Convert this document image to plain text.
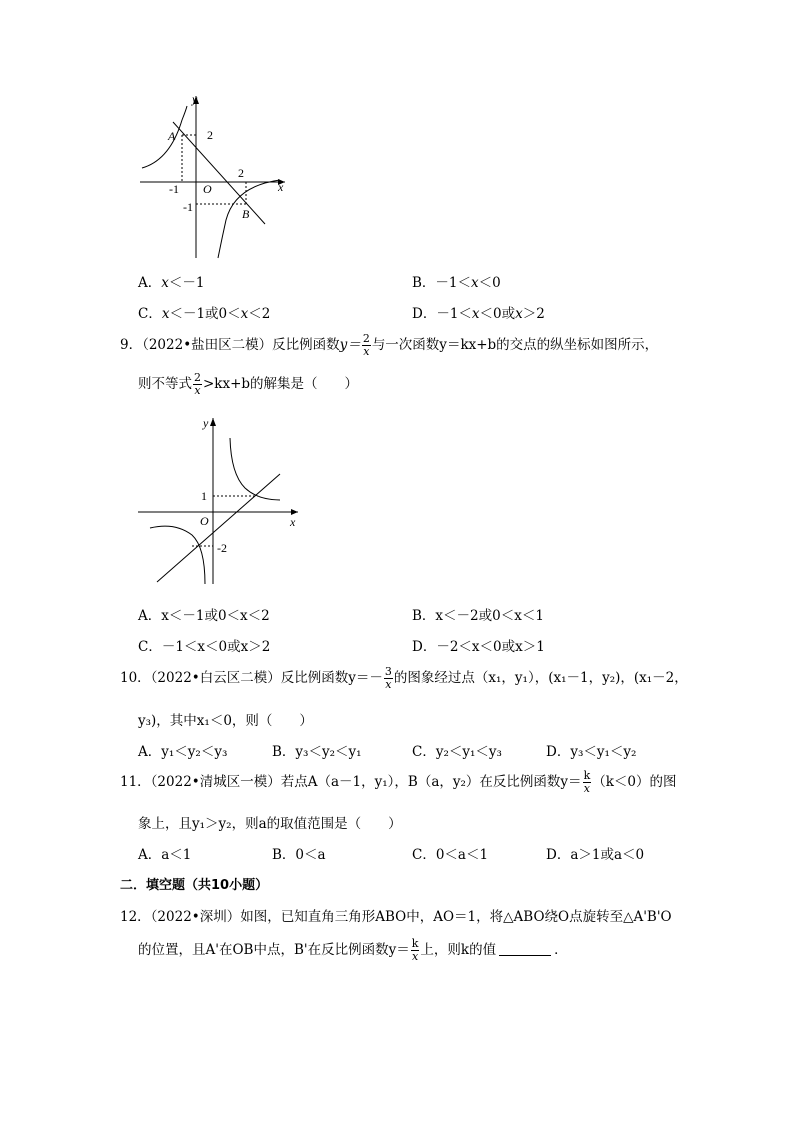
y
x
A
B
O
2
2
-1
-1
A．𝑥＜－1	B．－1＜𝑥＜0
C．𝑥＜－1或0＜𝑥＜2	D．－1＜𝑥＜0或𝑥＞2
9．（2022•盐田区二模）反比例函数$y= \frac{2}{x}$ 与一次函数y＝kx+b的交点的纵坐标如图所示，
则不等式 $\frac{2}{x} >kx+b$的解集是（　　）
y
x
O
1
-2
A．x＜－1或0＜x＜2	B．x＜－2或0＜x＜1
C．－1＜x＜0或x＞2	D．－2＜x＜0或x＞1
10．（2022•白云区二模）反比例函数$y=- \frac{3}{x}$ 的图象经过点（x₁，y₁），(x₁－1，y₂)，(x₁－2，
y₃)，其中x₁＜0，则（　　）
A．y₁＜y₂＜y₃	B．y₃＜y₂＜y₁	C．y₂＜y₁＜y₃	D．y₃＜y₁＜y₂
11．（2022•清城区一模）若点A（a－1，y₁），B（a，y₂）在反比例函数$y= \frac{k}{x} (k<0)$的图
象上，且y₁＞y₂，则a的取值范围是（　　）
A．a＜1	B．0＜a	C．0＜a＜1	D．a＞1或a＜0
二．填空题（共10小题）
12．（2022•深圳）如图，已知直角三角形ABO中，AO＝1，将△ABO绕O点旋转至△A'B'O
的位置，且A'在OB中点，B'在反比例函数$y= \frac{k}{x}$ 上，则k的值	．
